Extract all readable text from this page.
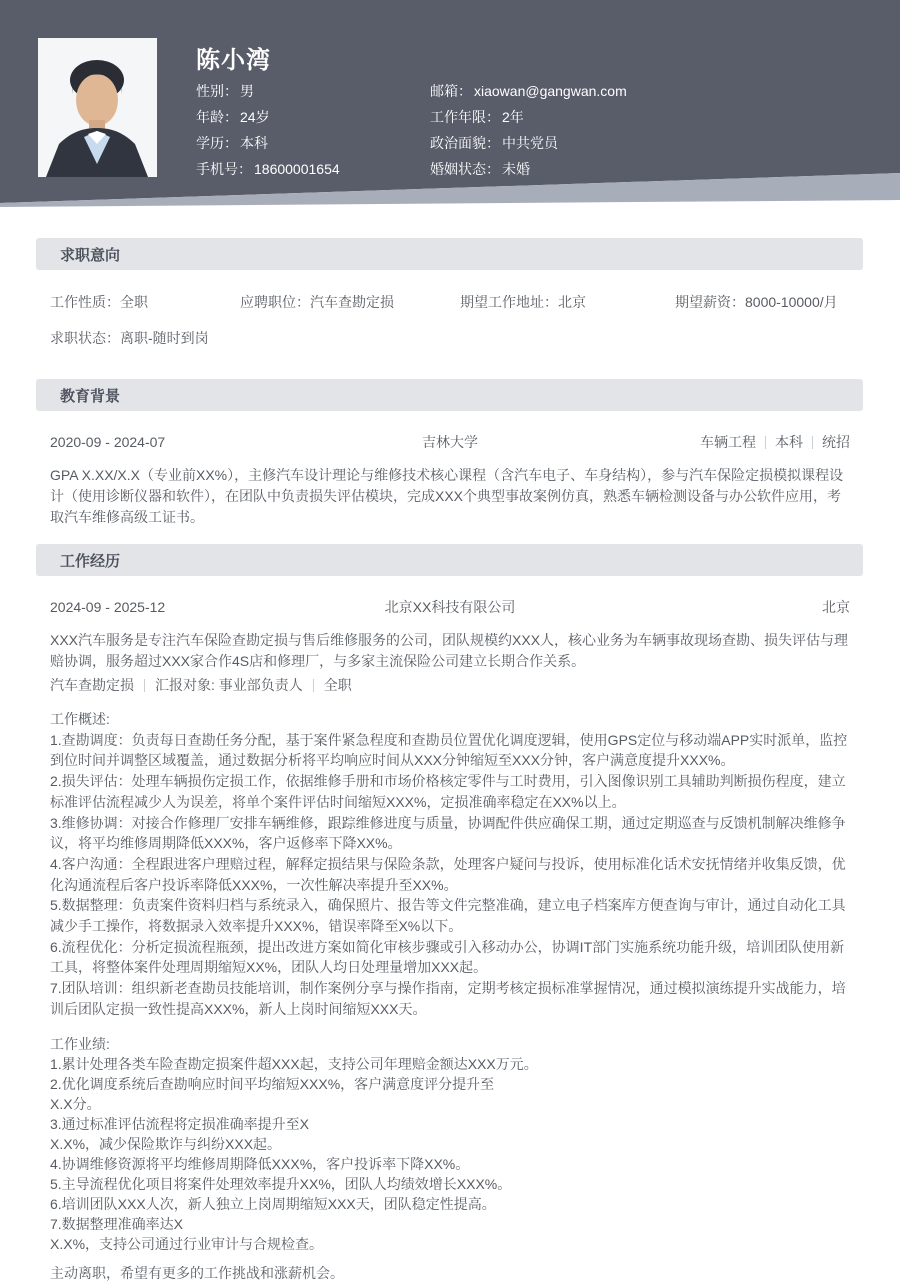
陈小湾
性别： 男	邮箱： xiaowan@gangwan.com
年龄： 24岁	工作年限： 2年
学历： 本科	政治面貌： 中共党员
手机号： 18600001654	婚姻状态： 未婚
求职意向
工作性质：全职	应聘职位：汽车查勘定损	期望工作地址：北京	期望薪资：8000-10000/月
求职状态：离职-随时到岗
教育背景
2020-09 - 2024-07	吉林大学	车辆工程 本科 统招
GPA X.XX/X.X（专业前XX%），主修汽车设计理论与维修技术核心课程（含汽车电子、车身结构），参与汽车保险定损模拟课程设计（使用诊断仪器和软件），在团队中负责损失评估模块，完成XXX个典型事故案例仿真，熟悉车辆检测设备与办公软件应用，考取汽车维修高级工证书。
工作经历
2024-09 - 2025-12	北京XX科技有限公司	北京
XXX汽车服务是专注汽车保险查勘定损与售后维修服务的公司，团队规模约XXX人，核心业务为车辆事故现场查勘、损失评估与理赔协调，服务超过XXX家合作4S店和修理厂，与多家主流保险公司建立长期合作关系。
汽车查勘定损 汇报对象: 事业部负责人 全职
工作概述:
1.查勘调度：负责每日查勘任务分配，基于案件紧急程度和查勘员位置优化调度逻辑，使用GPS定位与移动端APP实时派单，监控到位时间并调整区域覆盖，通过数据分析将平均响应时间从XXX分钟缩短至XXX分钟，客户满意度提升XXX%。
2.损失评估：处理车辆损伤定损工作，依据维修手册和市场价格核定零件与工时费用，引入图像识别工具辅助判断损伤程度，建立标准评估流程减少人为误差，将单个案件评估时间缩短XXX%，定损准确率稳定在XX%以上。
3.维修协调：对接合作修理厂安排车辆维修，跟踪维修进度与质量，协调配件供应确保工期，通过定期巡查与反馈机制解决维修争议，将平均维修周期降低XXX%，客户返修率下降XX%。
4.客户沟通：全程跟进客户理赔过程，解释定损结果与保险条款，处理客户疑问与投诉，使用标准化话术安抚情绪并收集反馈，优化沟通流程后客户投诉率降低XXX%，一次性解决率提升至XX%。
5.数据整理：负责案件资料归档与系统录入，确保照片、报告等文件完整准确，建立电子档案库方便查询与审计，通过自动化工具减少手工操作，将数据录入效率提升XXX%，错误率降至X%以下。
6.流程优化：分析定损流程瓶颈，提出改进方案如简化审核步骤或引入移动办公，协调IT部门实施系统功能升级，培训团队使用新工具，将整体案件处理周期缩短XX%，团队人均日处理量增加XXX起。
7.团队培训：组织新老查勘员技能培训，制作案例分享与操作指南，定期考核定损标准掌握情况，通过模拟演练提升实战能力，培训后团队定损一致性提高XXX%，新人上岗时间缩短XXX天。
工作业绩:
1.累计处理各类车险查勘定损案件超XXX起，支持公司年理赔金额达XXX万元。
2.优化调度系统后查勘响应时间平均缩短XXX%，客户满意度评分提升至
X.X分。
3.通过标准评估流程将定损准确率提升至X
X.X%，减少保险欺诈与纠纷XXX起。
4.协调维修资源将平均维修周期降低XXX%，客户投诉率下降XX%。
5.主导流程优化项目将案件处理效率提升XX%，团队人均绩效增长XXX%。
6.培训团队XXX人次，新人独立上岗周期缩短XXX天，团队稳定性提高。
7.数据整理准确率达X
X.X%，支持公司通过行业审计与合规检查。
主动离职，希望有更多的工作挑战和涨薪机会。
